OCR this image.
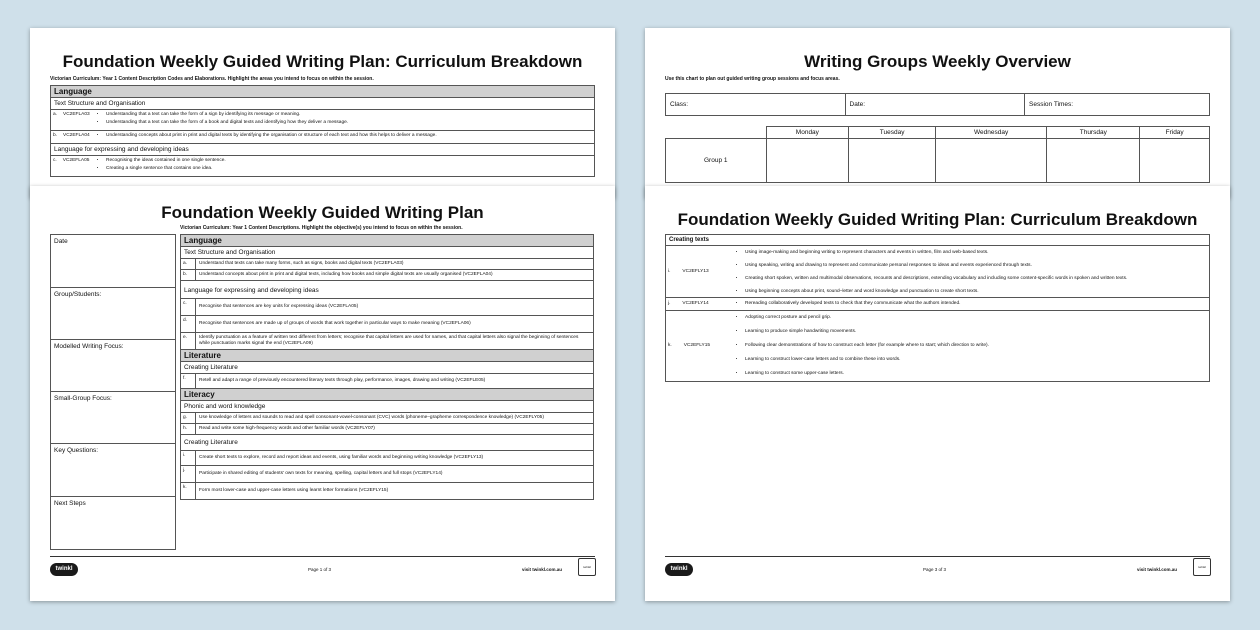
Foundation Weekly Guided Writing Plan: Curriculum Breakdown
Victorian Curriculum: Year 1 Content Description Codes and Elaborations. Highlight the areas you intend to focus on within the session.
Language
Text Structure and Organisation
a. VC2EFLA03	• Understanding that a text can take the form of a sign by identifying its message or meaning.
• Understanding that a text can take the form of a book and digital texts and identifying how they deliver a message.
b. VC2EFLA04	• Understanding concepts about print in print and digital texts by identifying the organisation or structure of each text and how this helps to deliver a message.
Language for expressing and developing ideas
c. VC2EFLA05	• Recognising the ideas contained in one single sentence.
• Creating a single sentence that contains one idea.
Writing Groups Weekly Overview
Use this chart to plan out guided writing group sessions and focus areas.
Class:	Date:	Session Times:
	Monday	Tuesday	Wednesday	Thursday	Friday
Group 1					
Foundation Weekly Guided Writing Plan
Date
Group/Students:
Modelled Writing Focus:
Small-Group Focus:
Key Questions:
Next Steps
Victorian Curriculum: Year 1 Content Descriptions. Highlight the objective(s) you intend to focus on within the session.
Language
Text Structure and Organisation
a.	Understand that texts can take many forms, such as signs, books and digital texts (VC2EFLA03)
b.	Understand concepts about print in print and digital texts, including how books and simple digital texts are usually organised (VC2EFLA04)
Language for expressing and developing ideas
c.
Recognise that sentences are key units for expressing ideas (VC2EFLA05)
d.
Recognise that sentences are made up of groups of words that work together in particular ways to make meaning (VC2EFLA06)
e.	Identify punctuation as a feature of written text different from letters; recognise that capital letters are used for names, and that capital letters also signal the beginning of sentences while punctuation marks signal the end (VC2EFLA09)
Literature
Creating Literature
f.	Retell and adapt a range of previously encountered literary texts through play, performance, images, drawing and writing (VC2EFLE05)
Literacy
Phonic and word knowledge
g.	Use knowledge of letters and sounds to read and spell consonant-vowel-consonant (CVC) words (phoneme–grapheme correspondence knowledge) (VC2EFLY05)
h.	Read and write some high-frequency words and other familiar words (VC2EFLY07)
Creating Literature
i.	Create short texts to explore, record and report ideas and events, using familiar words and beginning writing knowledge (VC2EFLY13)
j.
Participate in shared editing of students' own texts for meaning, spelling, capital letters and full stops (VC2EFLY14)
k.
Form most lower-case and upper-case letters using learnt letter formations (VC2EFLY15)
twinkl	Page 1 of 3	visit twinkl.com.au	twinkl
Foundation Weekly Guided Writing Plan: Curriculum Breakdown
Creating texts
i.	VC2EFLY13
• Using image-making and beginning writing to represent characters and events in written, film and web-based texts.
• Using speaking, writing and drawing to represent and communicate personal responses to ideas and events experienced through texts.
• Creating short spoken, written and multimodal observations, recounts and descriptions, extending vocabulary and including some content-specific words in spoken and written texts.
• Using beginning concepts about print, sound–letter and word knowledge and punctuation to create short texts.
j.	VC2EFLY14	• Rereading collaboratively developed texts to check that they communicate what the authors intended.
k.	VC2EFLY15
• Adopting correct posture and pencil grip.
• Learning to produce simple handwriting movements.
• Following clear demonstrations of how to construct each letter (for example where to start; which direction to write).
• Learning to construct lower-case letters and to combine these into words.
• Learning to construct some upper-case letters.
twinkl	Page 3 of 3	visit twinkl.com.au	twinkl
